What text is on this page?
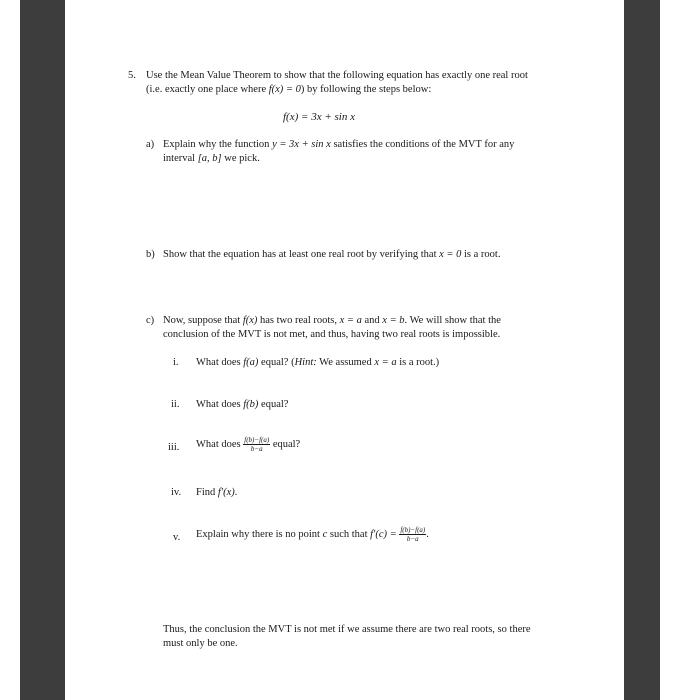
5. Use the Mean Value Theorem to show that the following equation has exactly one real root
(i.e. exactly one place where f(x) = 0) by following the steps below:
f(x) = 3x + sin x
a) Explain why the function y = 3x + sin x satisfies the conditions of the MVT for any
interval [a, b] we pick.
b) Show that the equation has at least one real root by verifying that x = 0 is a root.
c) Now, suppose that f(x) has two real roots, x = a and x = b. We will show that the
conclusion of the MVT is not met, and thus, having two real roots is impossible.
i. What does f(a) equal? (Hint: We assumed x = a is a root.)
ii. What does f(b) equal?
iii. What does $\frac{f(b)-f(a)}{b-a}$ equal?
iv. Find f′(x).
v. Explain why there is no point c such that $f'(c) = \frac{f(b)-f(a)}{b-a}$ .
Thus, the conclusion the MVT is not met if we assume there are two real roots, so there
must only be one.
